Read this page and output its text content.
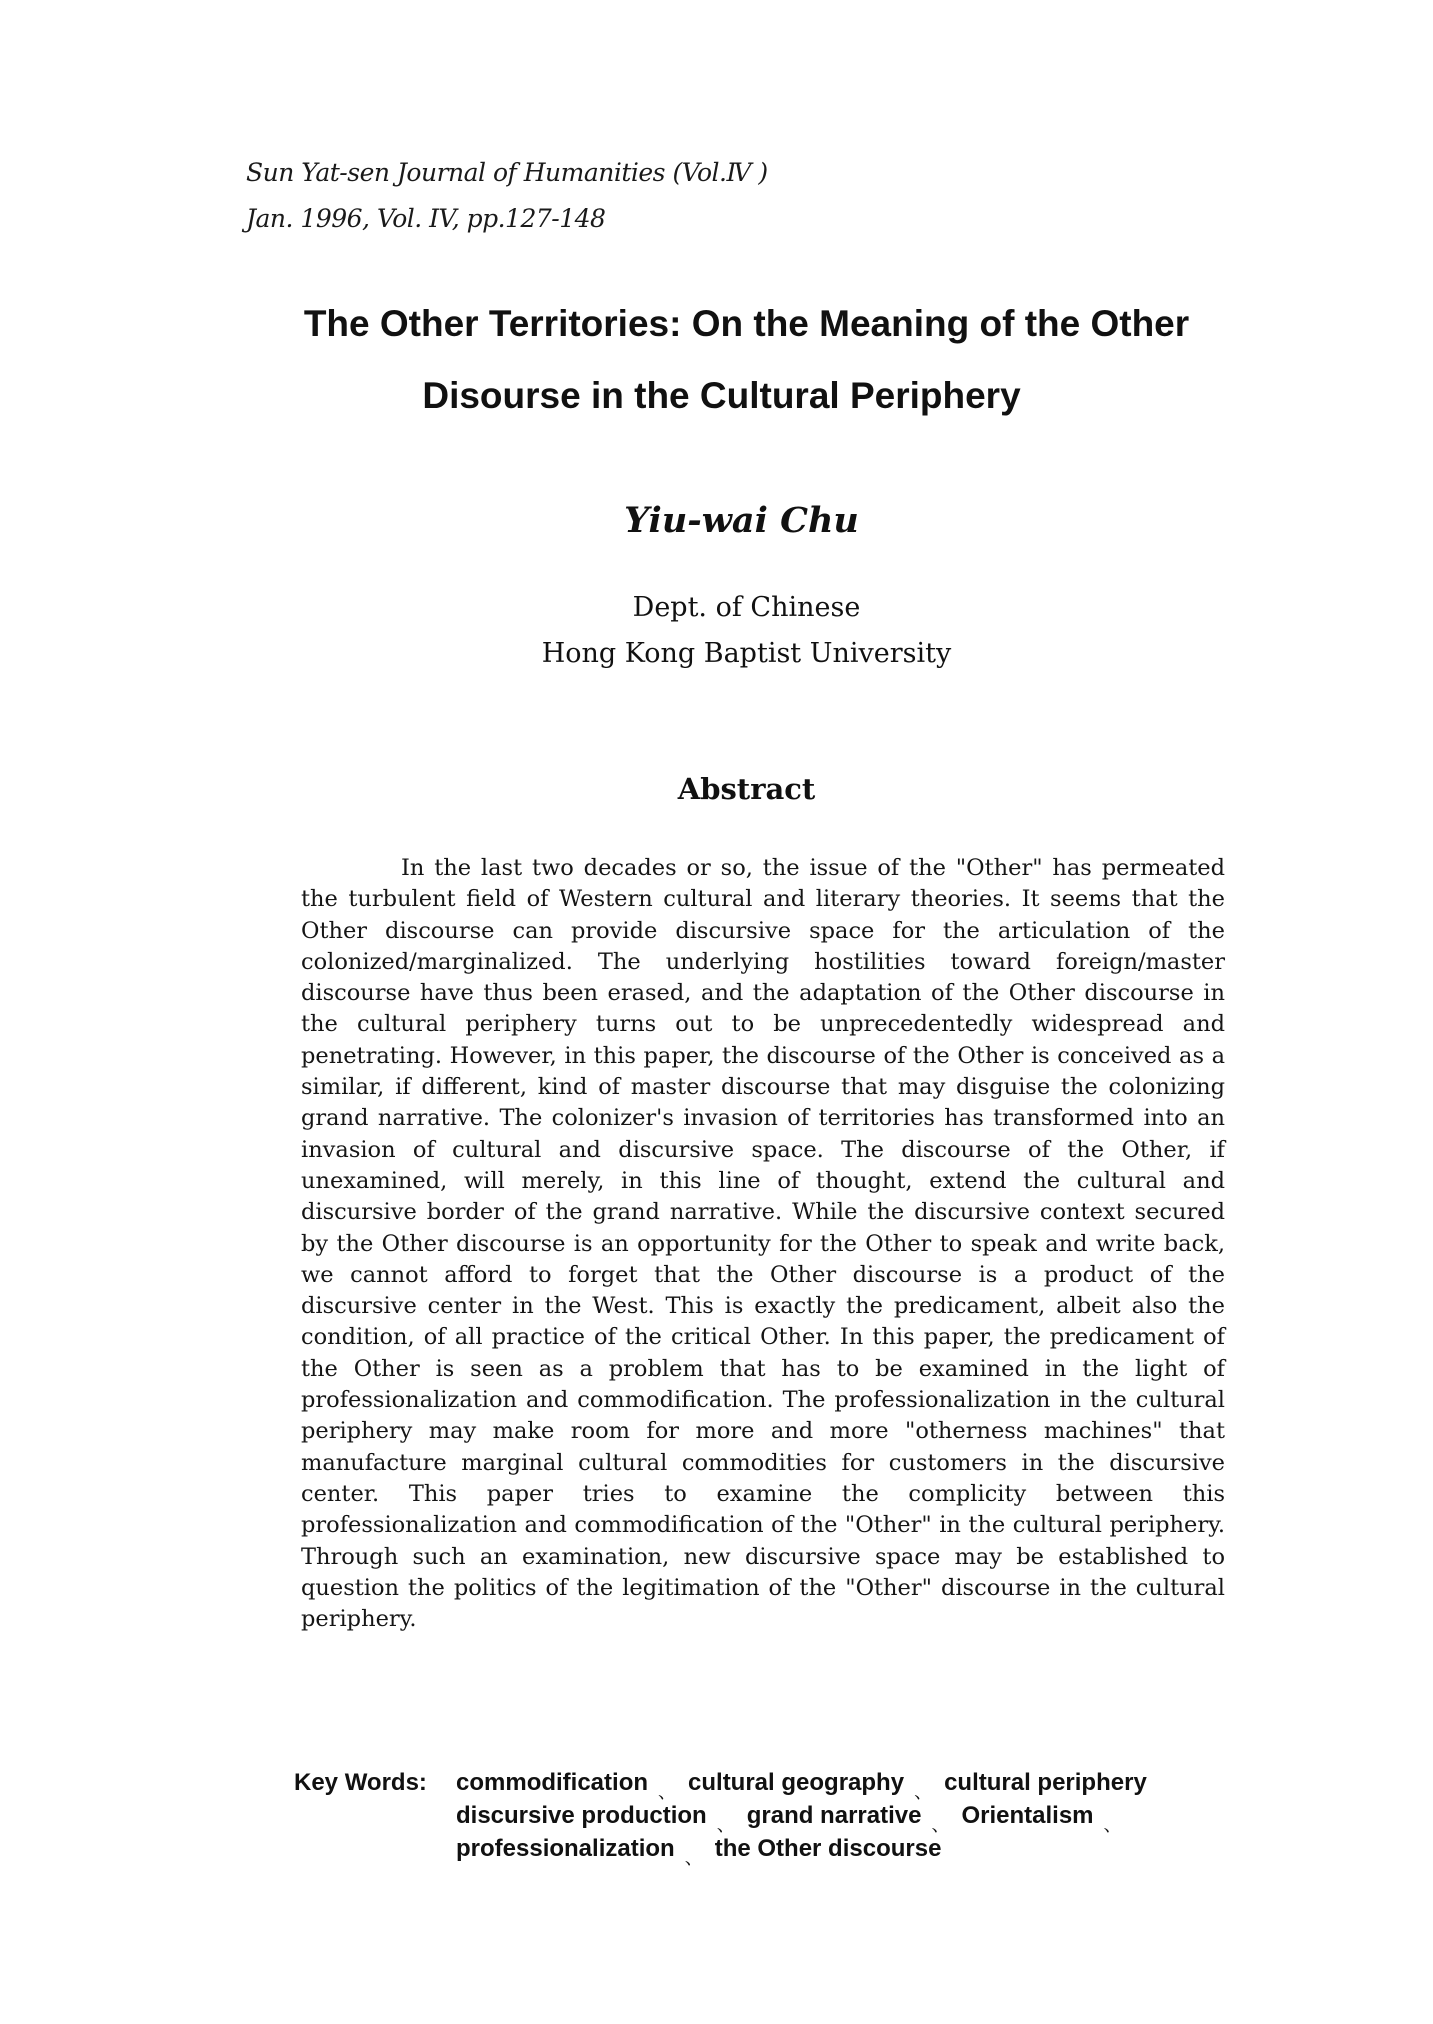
Sun Yat-sen Journal of Humanities (Vol.Ⅳ )
Jan. 1996, Vol. IV, pp.127-148
The Other Territories: On the Meaning of the Other
Disourse in the Cultural Periphery
Yiu-wai Chu
Dept. of Chinese
Hong Kong Baptist University
Abstract

In the last two decades or so, the issue of the "Other" has permeated the turbulent field of Western cultural and literary theories. It seems that the Other discourse can provide discursive space for the articulation of the colonized/marginalized. The underlying hostilities toward foreign/master discourse have thus been erased, and the adaptation of the Other discourse in the cultural periphery turns out to be unprecedentedly widespread and penetrating. However, in this paper, the discourse of the Other is conceived as a similar, if different, kind of master discourse that may disguise the colonizing grand narrative. The colonizer's invasion of territories has transformed into an invasion of cultural and discursive space. The discourse of the Other, if unexamined, will merely, in this line of thought, extend the cultural and discursive border of the grand narrative. While the discursive context secured by the Other discourse is an opportunity for the Other to speak and write back, we cannot afford to forget that the Other discourse is a product of the discursive center in the West. This is exactly the predicament, albeit also the condition, of all practice of the critical Other. In this paper, the predicament of the Other is seen as a problem that has to be examined in the light of professionalization and commodification. The professionalization in the cultural periphery may make room for more and more "otherness machines" that manufacture marginal cultural commodities for customers in the discursive center. This paper tries to examine the complicity between this professionalization and commodification of the "Other" in the cultural periphery. Through such an examination, new discursive space may be established to question the politics of the legitimation of the "Other" discourse in the cultural periphery.

Key Words: commodification 、 cultural geography 、 cultural periphery
discursive production 、 grand narrative 、 Orientalism 、
professionalization 、 the Other discourse
